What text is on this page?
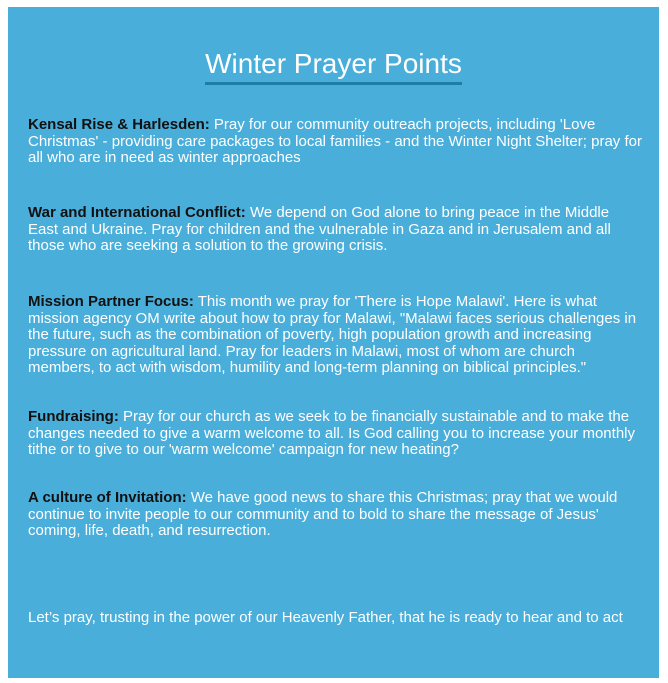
Winter Prayer Points
Kensal Rise & Harlesden: Pray for our community outreach projects, including 'Love Christmas' - providing care packages to local families - and the Winter Night Shelter; pray for all who are in need as winter approaches
War and International Conflict: We depend on God alone to bring peace in the Middle East and Ukraine. Pray for children and the vulnerable in Gaza and in Jerusalem and all those who are seeking a solution to the growing crisis.
Mission Partner Focus: This month we pray for 'There is Hope Malawi'. Here is what mission agency OM write about how to pray for Malawi, "Malawi faces serious challenges in the future, such as the combination of poverty, high population growth and increasing pressure on agricultural land. Pray for leaders in Malawi, most of whom are church members, to act with wisdom, humility and long-term planning on biblical principles."
Fundraising: Pray for our church as we seek to be financially sustainable and to make the changes needed to give a warm welcome to all. Is God calling you to increase your monthly tithe or to give to our 'warm welcome' campaign for new heating?
A culture of Invitation: We have good news to share this Christmas; pray that we would continue to invite people to our community and to bold to share the message of Jesus' coming, life, death, and resurrection.
Let’s pray, trusting in the power of our Heavenly Father, that he is ready to hear and to act
